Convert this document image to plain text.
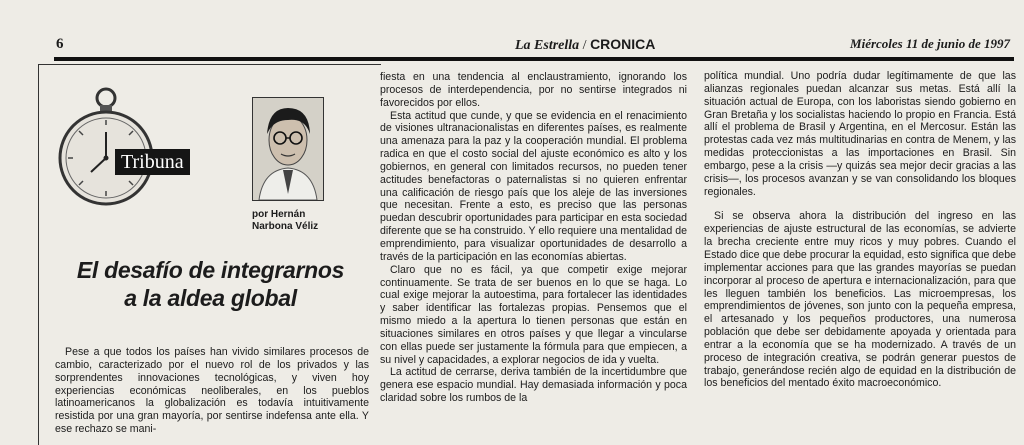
6	La Estrella / CRONICA	Miércoles 11 de junio de 1997
Tribuna
por Hernán
Narbona Véliz
El desafío de integrarnos
a la aldea global

Pese a que todos los países han vivido similares procesos de cambio, caracterizado por el nuevo rol de los privados y las sorprendentes innovaciones tecnológicas, y viven hoy experiencias económicas neoliberales, en los pueblos latinoamericanos la globalización es todavía intuitivamente resistida por una gran mayoría, por sentirse indefensa ante ella. Y ese rechazo se mani-

fiesta en una tendencia al enclaustramiento, ignorando los procesos de interdependencia, por no sentirse integrados ni favorecidos por ellos.

Esta actitud que cunde, y que se evidencia en el renacimiento de visiones ultranacionalistas en diferentes países, es realmente una amenaza para la paz y la cooperación mundial. El problema radica en que el costo social del ajuste económico es alto y los gobiernos, en general con limitados recursos, no pueden tener actitudes benefactoras o paternalistas si no quieren enfrentar una calificación de riesgo país que los aleje de las inversiones que necesitan. Frente a esto, es preciso que las personas puedan descubrir oportunidades para participar en esta sociedad diferente que se ha construido. Y ello requiere una mentalidad de emprendimiento, para visualizar oportunidades de desarrollo a través de la participación en las economías abiertas.

Claro que no es fácil, ya que competir exige mejorar continuamente. Se trata de ser buenos en lo que se haga. Lo cual exige mejorar la autoestima, para fortalecer las identidades y saber identificar las fortalezas propias. Pensemos que el mismo miedo a la apertura lo tienen personas que están en situaciones similares en otros países y que llegar a vincularse con ellas puede ser justamente la fórmula para que empiecen, a su nivel y capacidades, a explorar negocios de ida y vuelta.

La actitud de cerrarse, deriva también de la incertidumbre que genera ese espacio mundial. Hay demasiada información y poca claridad sobre los rumbos de la

política mundial. Uno podría dudar legítimamente de que las alianzas regionales puedan alcanzar sus metas. Está allí la situación actual de Europa, con los laboristas siendo gobierno en Gran Bretaña y los socialistas haciendo lo propio en Francia. Está allí el problema de Brasil y Argentina, en el Mercosur. Están las protestas cada vez más multitudinarias en contra de Menem, y las medidas proteccionistas a las importaciones en Brasil. Sin embargo, pese a la crisis —y quizás sea mejor decir gracias a las crisis—, los procesos avanzan y se van consolidando los bloques regionales.

Si se observa ahora la distribución del ingreso en las experiencias de ajuste estructural de las economías, se advierte la brecha creciente entre muy ricos y muy pobres. Cuando el Estado dice que debe procurar la equidad, esto significa que debe implementar acciones para que las grandes mayorías se puedan incorporar al proceso de apertura e internacionalización, para que les lleguen también los beneficios. Las microempresas, los emprendimientos de jóvenes, son junto con la pequeña empresa, el artesanado y los pequeños productores, una numerosa población que debe ser debidamente apoyada y orientada para entrar a la economía que se ha modernizado. A través de un proceso de integración creativa, se podrán generar puestos de trabajo, generándose recién algo de equidad en la distribución de los beneficios del mentado éxito macroeconómico.
